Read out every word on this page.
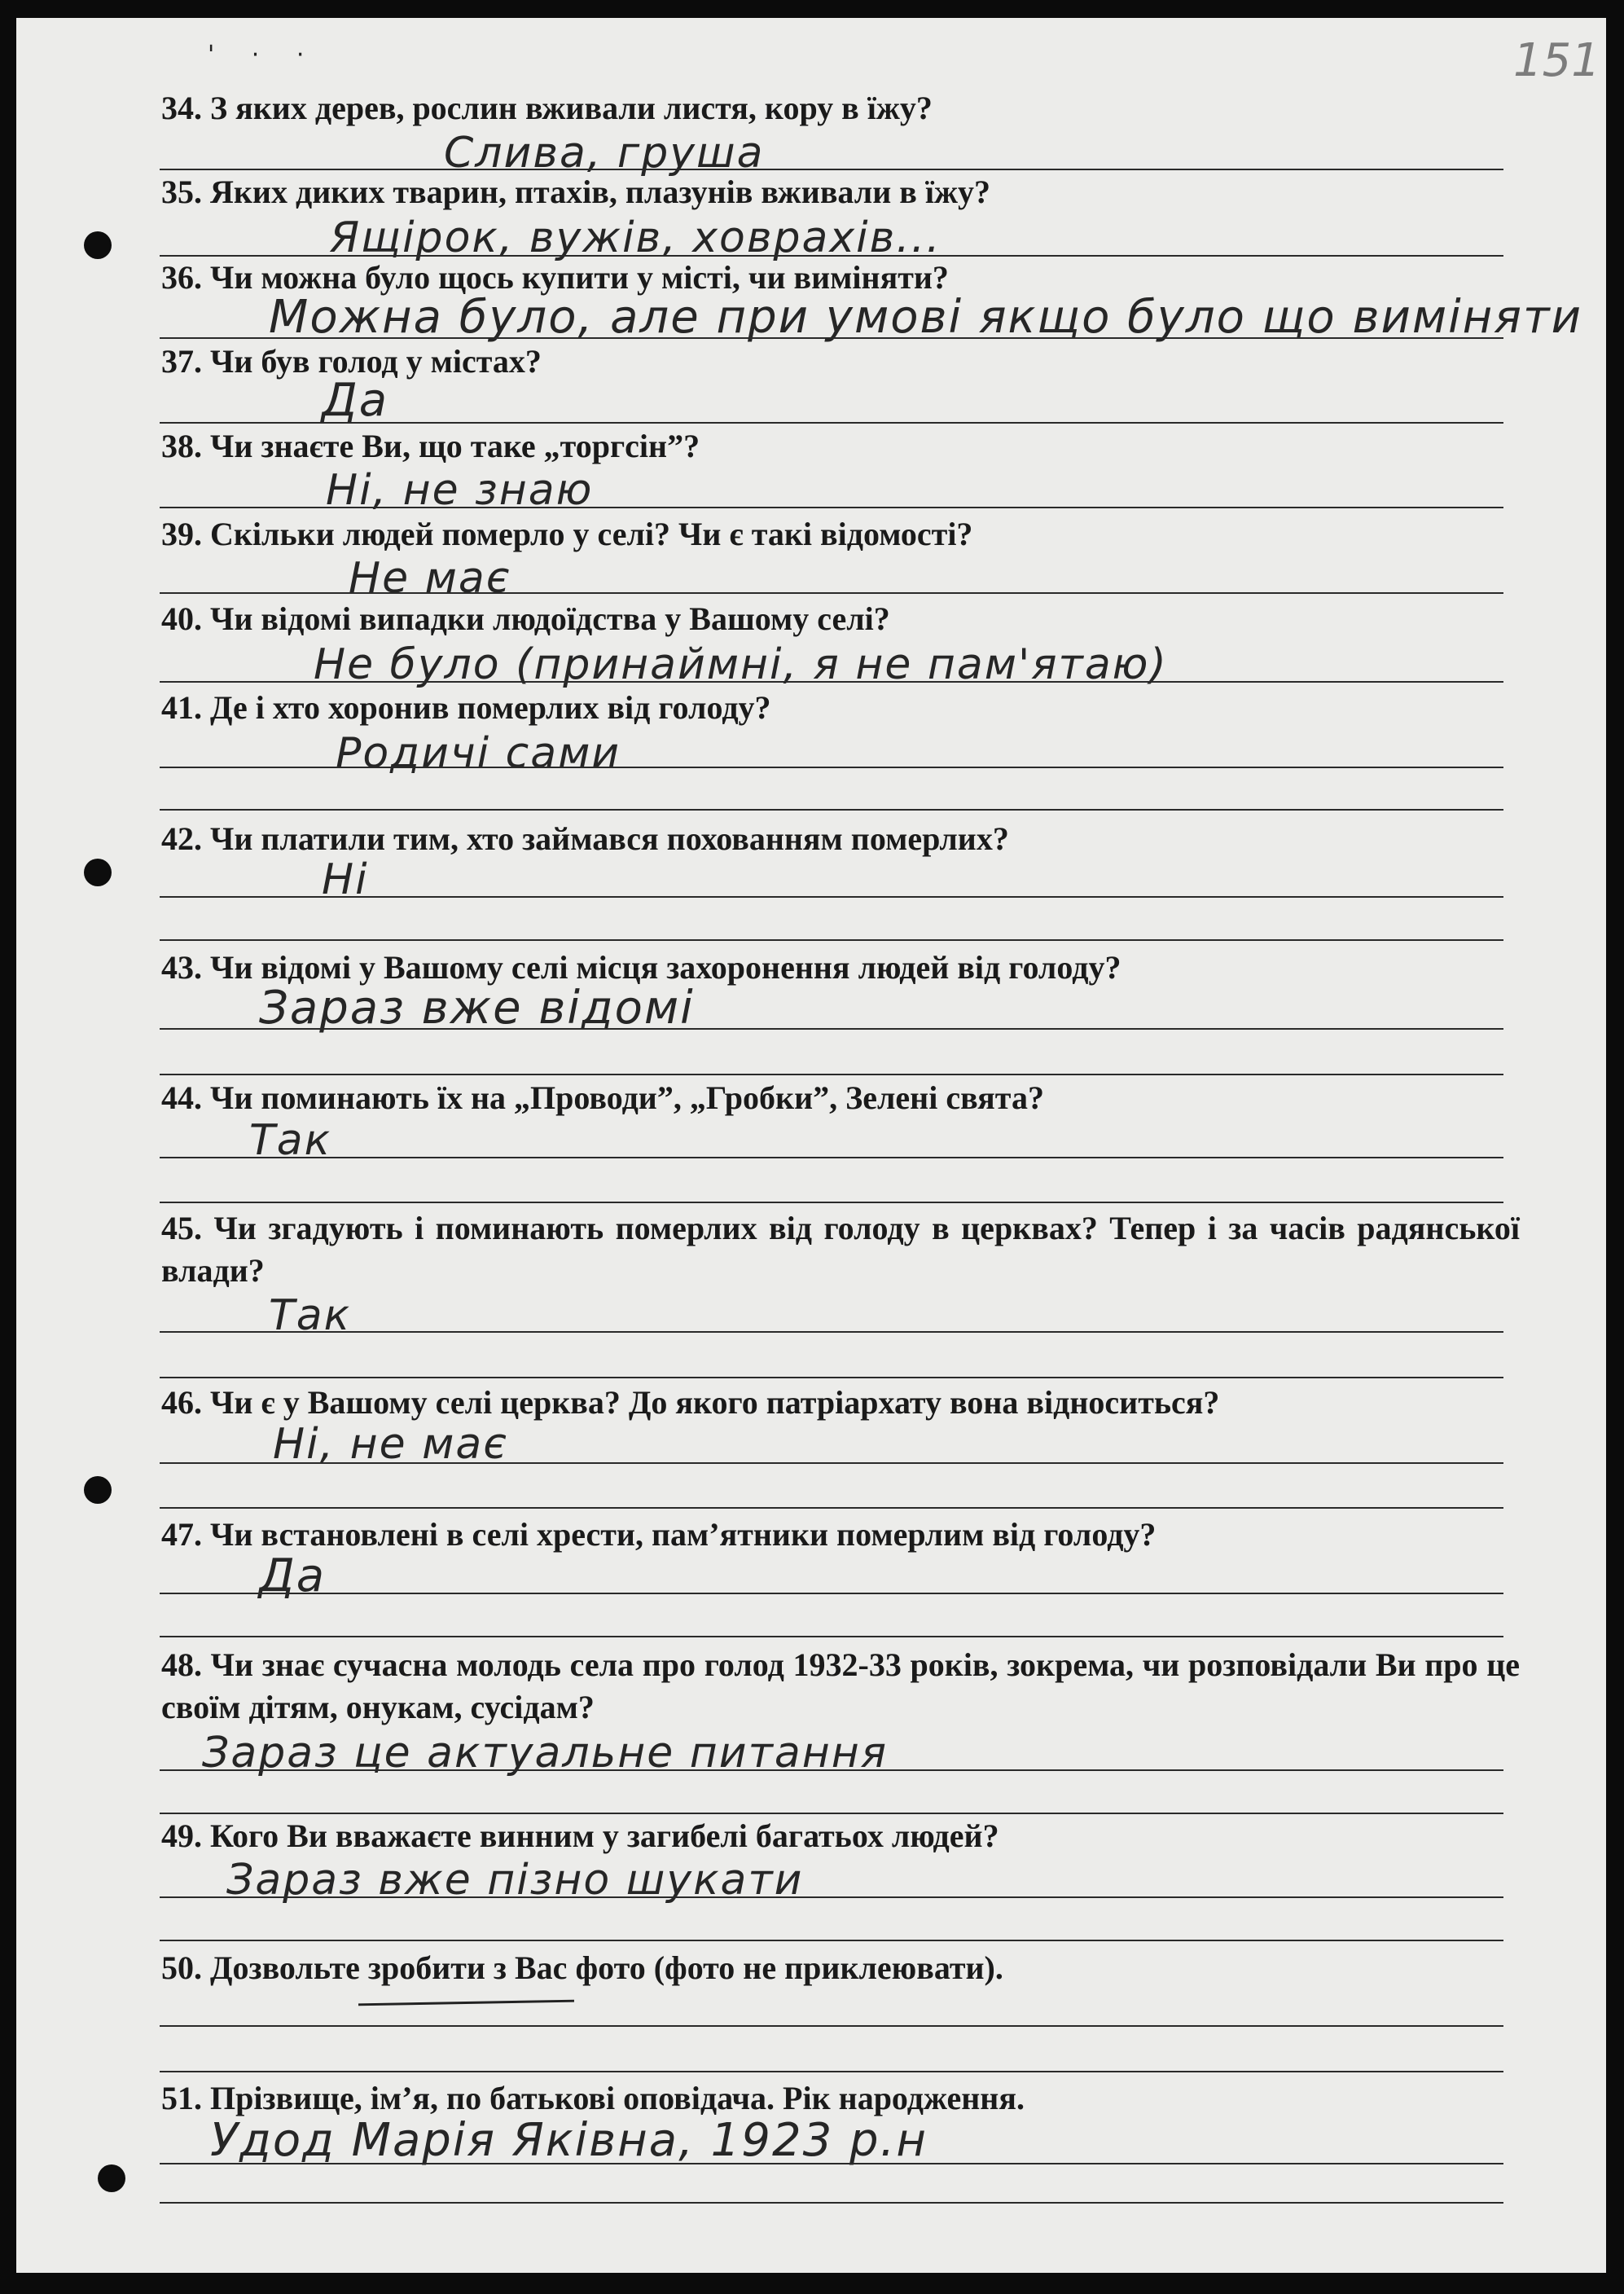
' · ·	151
34. З яких дерев, рослин вживали листя, кору в їжу?
Слива, груша
35. Яких диких тварин, птахів, плазунів вживали в їжу?
Ящірок, вужів, ховрахів...
36. Чи можна було щось купити у місті, чи виміняти?
Можна було, але при умові якщо було що виміняти
37. Чи був голод у містах?
Да
38. Чи знаєте Ви, що таке „торгсін”?
Ні, не знаю
39. Скільки людей померло у селі? Чи є такі відомості?
Не має
40. Чи відомі випадки людоїдства у Вашому селі?
Не було (принаймні, я не пам'ятаю)
41. Де і хто хоронив померлих від голоду?
Родичі сами
42. Чи платили тим, хто займався похованням померлих?
Ні
43. Чи відомі у Вашому селі місця захоронення людей від голоду?
Зараз вже відомі
44. Чи поминають їх на „Проводи”, „Гробки”, Зелені свята?
Так
45. Чи згадують і поминають померлих від голоду в церквах? Тепер і за часів радянської влади?
Так
46. Чи є у Вашому селі церква? До якого патріархату вона відноситься?
Ні, не має
47. Чи встановлені в селі хрести, пам’ятники померлим від голоду?
Да
48. Чи знає сучасна молодь села про голод 1932-33 років, зокрема, чи розповідали Ви про це своїм дітям, онукам, сусідам?
Зараз це актуальне питання
49. Кого Ви вважаєте винним у загибелі багатьох людей?
Зараз вже пізно шукати
50. Дозвольте зробити з Вас фото (фото не приклеювати).
51. Прізвище, ім’я, по батькові оповідача. Рік народження.
Удод Марія Яківна, 1923 р.н
